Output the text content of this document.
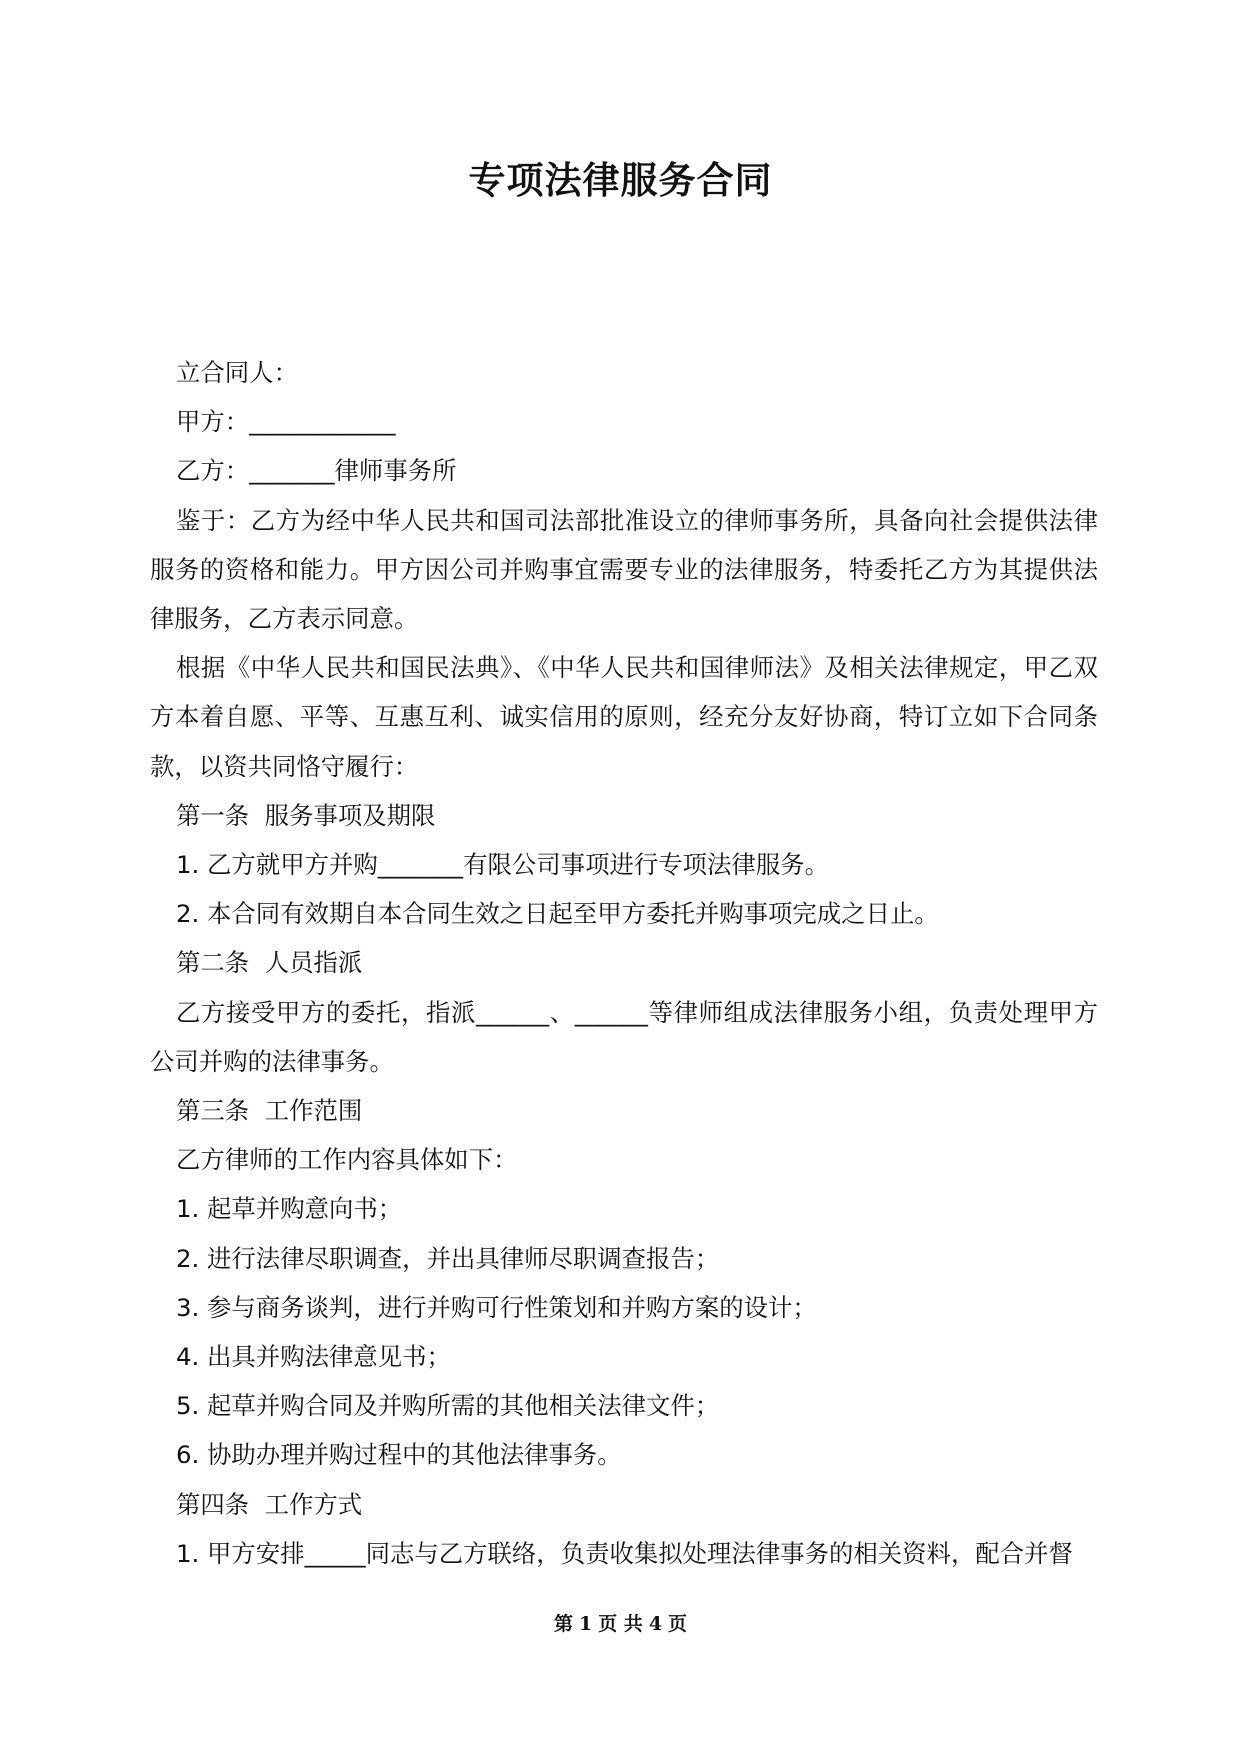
专项法律服务合同

立合同人：

甲方：____________

乙方：_______律师事务所

鉴于：乙方为经中华人民共和国司法部批准设立的律师事务所，具备向社会提供法律服务的资格和能力。甲方因公司并购事宜需要专业的法律服务，特委托乙方为其提供法律服务，乙方表示同意。

根据《中华人民共和国民法典》、《中华人民共和国律师法》及相关法律规定，甲乙双方本着自愿、平等、互惠互利、诚实信用的原则，经充分友好协商，特订立如下合同条款，以资共同恪守履行：

第一条  服务事项及期限

1. 乙方就甲方并购_______有限公司事项进行专项法律服务。

2. 本合同有效期自本合同生效之日起至甲方委托并购事项完成之日止。

第二条  人员指派

乙方接受甲方的委托，指派______、______等律师组成法律服务小组，负责处理甲方公司并购的法律事务。

第三条  工作范围

乙方律师的工作内容具体如下：

1. 起草并购意向书；

2. 进行法律尽职调查，并出具律师尽职调查报告；

3. 参与商务谈判，进行并购可行性策划和并购方案的设计；

4. 出具并购法律意见书；

5. 起草并购合同及并购所需的其他相关法律文件；

6. 协助办理并购过程中的其他法律事务。

第四条  工作方式

1. 甲方安排_____同志与乙方联络，负责收集拟处理法律事务的相关资料，配合并督

第 1 页 共 4 页
